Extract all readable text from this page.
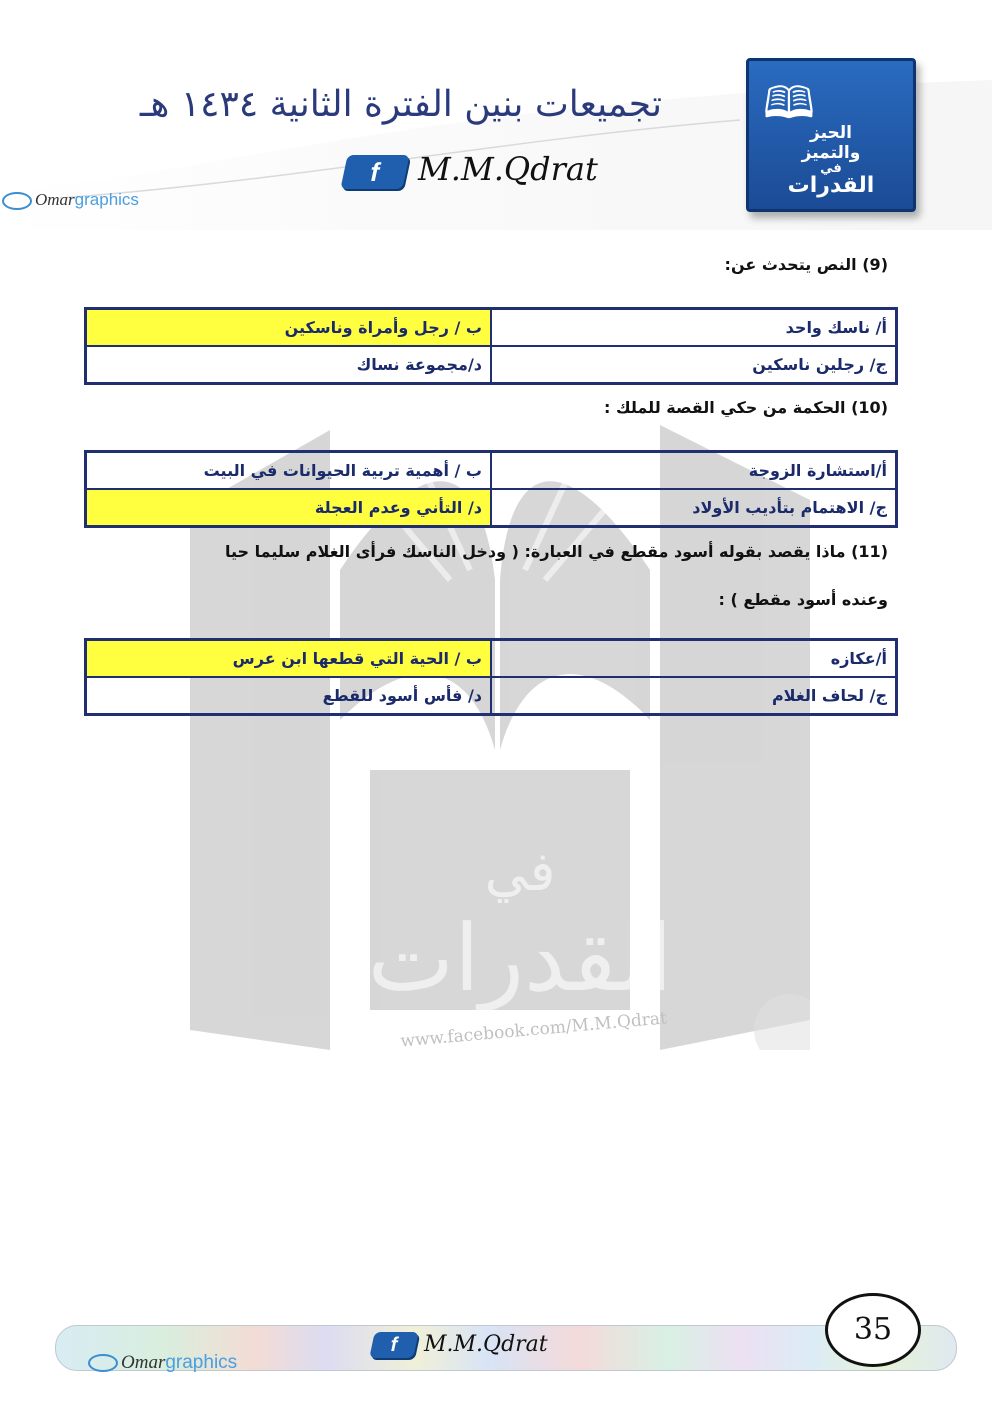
تجميعات بنين الفترة الثانية ١٤٣٤ هـ
f M.M.Qdrat
Omargraphics
🕮
الحيز
والتميز
في
القدرات
في
القدرات
www.facebook.com/M.M.Qdrat
(9) النص يتحدث عن:
أ/ ناسك واحد	ب / رجل وأمراة وناسكين
ج/ رجلين ناسكين	د/مجموعة نساك
(10) الحكمة من حكي القصة للملك :
أ/استشارة الزوجة	ب / أهمية تربية الحيوانات في البيت
ج/ الاهتمام بتأديب الأولاد	د/ التأني وعدم العجلة
(11) ماذا يقصد بقوله أسود مقطع في العبارة: ( ودخل الناسك فرأى الغلام سليما حيا
وعنده أسود مقطع ) :
أ/عكازه	ب / الحية التي قطعها ابن عرس
ج/ لحاف الغلام	د/ فأس أسود للقطع
Omargraphics
f M.M.Qdrat	35
